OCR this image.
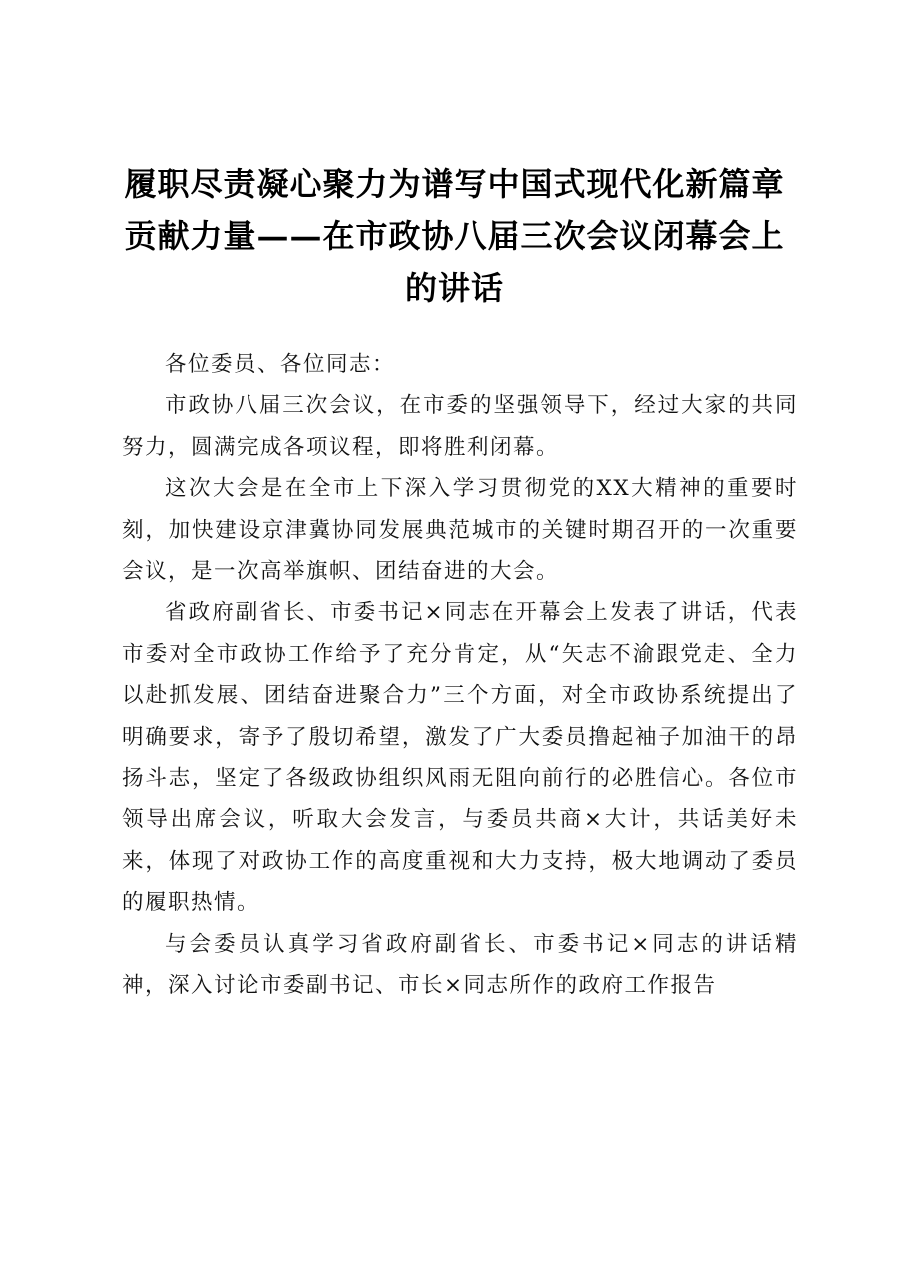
履职尽责凝心聚力为谱写中国式现代化新篇章贡献力量——在市政协八届三次会议闭幕会上的讲话

各位委员、各位同志：

市政协八届三次会议，在市委的坚强领导下，经过大家的共同努力，圆满完成各项议程，即将胜利闭幕。

这次大会是在全市上下深入学习贯彻党的XX大精神的重要时刻，加快建设京津冀协同发展典范城市的关键时期召开的一次重要会议，是一次高举旗帜、团结奋进的大会。

省政府副省长、市委书记×同志在开幕会上发表了讲话，代表市委对全市政协工作给予了充分肯定，从“矢志不渝跟党走、全力以赴抓发展、团结奋进聚合力”三个方面，对全市政协系统提出了明确要求，寄予了殷切希望，激发了广大委员撸起袖子加油干的昂扬斗志，坚定了各级政协组织风雨无阻向前行的必胜信心。各位市领导出席会议，听取大会发言，与委员共商×大计，共话美好未来，体现了对政协工作的高度重视和大力支持，极大地调动了委员的履职热情。

与会委员认真学习省政府副省长、市委书记×同志的讲话精神，深入讨论市委副书记、市长×同志所作的政府工作报告
